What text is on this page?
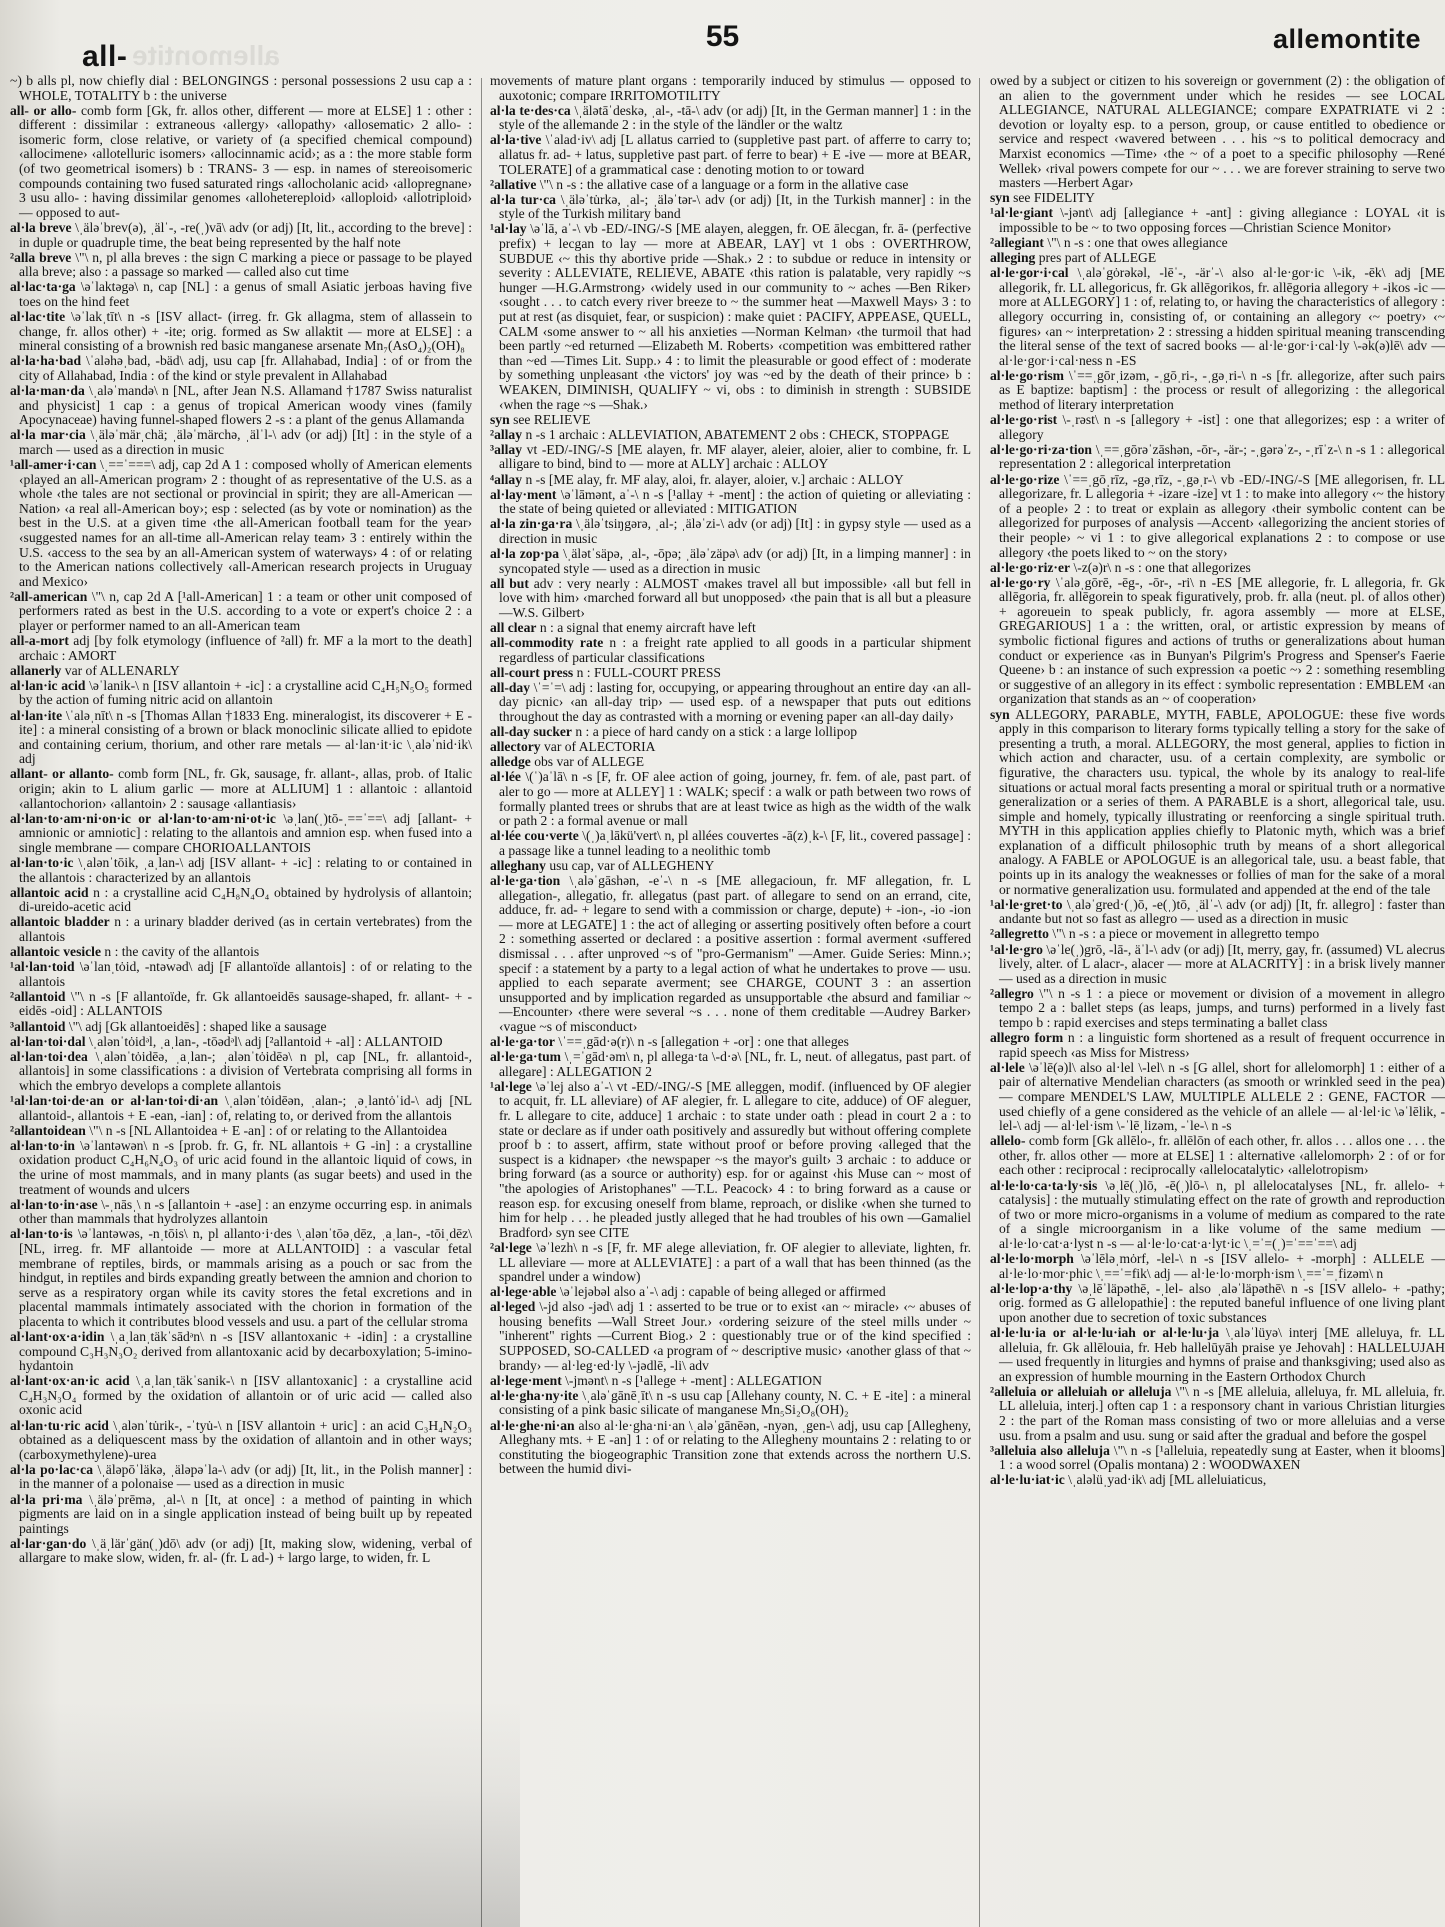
all- allemontite
55	allemontite

~) b alls pl, now chiefly dial : BELONGINGS : personal possessions 2 usu cap a : WHOLE, TOTALITY b : the universe

all- or allo- comb form [Gk, fr. allos other, different — more at ELSE] 1 : other : different : dissimilar : extraneous ‹allergy› ‹allopathy› ‹allosematic› 2 allo- : isomeric form, close relative, or variety of (a specified chemical compound) ‹allocimene› ‹allotelluric isomers› ‹allocinnamic acid›; as a : the more stable form (of two geometrical isomers) b : TRANS- 3 — esp. in names of stereoisomeric compounds containing two fused saturated rings ‹allocholanic acid› ‹allopregnane› 3 usu allo- : having dissimilar genomes ‹allohetereploid› ‹alloploid› ‹allotriploid› — opposed to aut-

al·la breve \ˌäləˈbrev(ə), ˌälˈ-, -re(ˌ)vā\ adv (or adj) [It, lit., according to the breve] : in duple or quadruple time, the beat being represented by the half note

²alla breve \"\ n, pl alla breves : the sign C marking a piece or passage to be played alla breve; also : a passage so marked — called also cut time

al·lac·ta·ga \əˈlaktəgə\ n, cap [NL] : a genus of small Asiatic jerboas having five toes on the hind feet

al·lac·tite \əˈlakˌtīt\ n -s [ISV allact- (irreg. fr. Gk allagma, stem of allassein to change, fr. allos other) + -ite; orig. formed as Sw allaktit — more at ELSE] : a mineral consisting of a brownish red basic manganese arsenate Mn₇(AsO₄)₂(OH)₈

al·la·ha·bad \ˈaləhəˌbad, -bäd\ adj, usu cap [fr. Allahabad, India] : of or from the city of Allahabad, India : of the kind or style prevalent in Allahabad

al·la·man·da \ˌaləˈmandə\ n [NL, after Jean N.S. Allamand †1787 Swiss naturalist and physicist] 1 cap : a genus of tropical American woody vines (family Apocynaceae) having funnel-shaped flowers 2 -s : a plant of the genus Allamanda

al·la mar·cia \ˌäləˈmärˌchä; ˌäləˈmärchə, ˌälˈl-\ adv (or adj) [It] : in the style of a march — used as a direction in music

¹all-amer·i·can \ˌ==ˈ===\ adj, cap 2d A 1 : composed wholly of American elements ‹played an all-American program› 2 : thought of as representative of the U.S. as a whole ‹the tales are not sectional or provincial in spirit; they are all-American —Nation› ‹a real all-American boy›; esp : selected (as by vote or nomination) as the best in the U.S. at a given time ‹the all-American football team for the year› ‹suggested names for an all-time all-American relay team› 3 : entirely within the U.S. ‹access to the sea by an all-American system of waterways› 4 : of or relating to the American nations collectively ‹all-American research projects in Uruguay and Mexico›

²all-american \"\ n, cap 2d A [¹all-American] 1 : a team or other unit composed of performers rated as best in the U.S. according to a vote or expert's choice 2 : a player or performer named to an all-American team

all-a-mort adj [by folk etymology (influence of ²all) fr. MF a la mort to the death] archaic : AMORT

allanerly var of ALLENARLY

al·lan·ic acid \əˈlanik-\ n [ISV allantoin + -ic] : a crystalline acid C₄H₅N₅O₅ formed by the action of fuming nitric acid on allantoin

al·lan·ite \ˈaləˌnīt\ n -s [Thomas Allan †1833 Eng. mineralogist, its discoverer + E -ite] : a mineral consisting of a brown or black monoclinic silicate allied to epidote and containing cerium, thorium, and other rare metals — al·lan·it·ic \ˌaləˈnid·ik\ adj

allant- or allanto- comb form [NL, fr. Gk, sausage, fr. allant-, allas, prob. of Italic origin; akin to L alium garlic — more at ALLIUM] 1 : allantoic : allantoid ‹allantochorion› ‹allantoin› 2 : sausage ‹allantiasis›

al·lan·to·am·ni·on·ic or al·lan·to·am·ni·ot·ic \əˌlan(ˌ)tō-ˌ==ˈ==\ adj [allant- + amnionic or amniotic] : relating to the allantois and amnion esp. when fused into a single membrane — compare CHORIOALLANTOIS

al·lan·to·ic \ˌalənˈtōik, ˌaˌlan-\ adj [ISV allant- + -ic] : relating to or contained in the allantois : characterized by an allantois

allantoic acid n : a crystalline acid C₄H₈N₄O₄ obtained by hydrolysis of allantoin; di-ureido-acetic acid

allantoic bladder n : a urinary bladder derived (as in certain vertebrates) from the allantois

allantoic vesicle n : the cavity of the allantois

¹al·lan·toid \əˈlanˌtȯid, -ntəwəd\ adj [F allantoïde allantois] : of or relating to the allantois

²allantoid \"\ n -s [F allantoïde, fr. Gk allantoeidēs sausage-shaped, fr. allant- + -eidēs -oid] : ALLANTOIS

³allantoid \"\ adj [Gk allantoeidēs] : shaped like a sausage

al·lan·toi·dal \ˌalənˈtȯidᵊl, ˌaˌlan-, -tōədᵊl\ adj [²allantoid + -al] : ALLANTOID

al·lan·toi·dea \ˌalənˈtȯidēə, ˌaˌlan-; ˌalənˈtȯidēə\ n pl, cap [NL, fr. allantoid-, allantois] in some classifications : a division of Vertebrata comprising all forms in which the embryo develops a complete allantois

¹al·lan·toi·de·an or al·lan·toi·di·an \ˌalənˈtȯidēən, ˌalan-; ˌəˌlantȯˈid-\ adj [NL allantoid-, allantois + E -ean, -ian] : of, relating to, or derived from the allantois

²allantoidean \"\ n -s [NL Allantoidea + E -an] : of or relating to the Allantoidea

al·lan·to·in \əˈlantəwən\ n -s [prob. fr. G, fr. NL allantois + G -in] : a crystalline oxidation product C₄H₆N₄O₃ of uric acid found in the allantoic liquid of cows, in the urine of most mammals, and in many plants (as sugar beets) and used in the treatment of wounds and ulcers

al·lan·to·in·ase \-ˌnāsˌ\ n -s [allantoin + -ase] : an enzyme occurring esp. in animals other than mammals that hydrolyzes allantoin

al·lan·to·is \əˈlantəwəs, -nˌtōis\ n, pl allanto·i·des \ˌalənˈtōəˌdēz, ˌaˌlan-, -tōiˌdēz\ [NL, irreg. fr. MF allantoide — more at ALLANTOID] : a vascular fetal membrane of reptiles, birds, or mammals arising as a pouch or sac from the hindgut, in reptiles and birds expanding greatly between the amnion and chorion to serve as a respiratory organ while its cavity stores the fetal excretions and in placental mammals intimately associated with the chorion in formation of the placenta to which it contributes blood vessels and usu. a part of the cellular stroma

al·lant·ox·a·idin \ˌaˌlanˌtäkˈsādᵊn\ n -s [ISV allantoxanic + -idin] : a crystalline compound C₃H₃N₃O₂ derived from allantoxanic acid by decarboxylation; 5-imino-hydantoin

al·lant·ox·an·ic acid \ˌaˌlanˌtäkˈsanik-\ n [ISV allantoxanic] : a crystalline acid C₄H₃N₃O₄ formed by the oxidation of allantoin or of uric acid — called also oxonic acid

al·lan·tu·ric acid \ˌalənˈtu̇rik-, -ˈtyu̇-\ n [ISV allantoin + uric] : an acid C₃H₄N₂O₃ obtained as a deliquescent mass by the oxidation of allantoin and in other ways; (carboxymethylene)-urea

al·la po·lac·ca \ˌäləpōˈläkə, ˌäləpəˈla-\ adv (or adj) [It, lit., in the Polish manner] : in the manner of a polonaise — used as a direction in music

al·la pri·ma \ˌäləˈprēmə, ˌal-\ n [It, at once] : a method of painting in which pigments are laid on in a single application instead of being built up by repeated paintings

al·lar·gan·do \ˌäˌlärˈgän(ˌ)dō\ adv (or adj) [It, making slow, widening, verbal of allargare to make slow, widen, fr. al- (fr. L ad-) + largo large, to widen, fr. L

movements of mature plant organs : temporarily induced by stimulus — opposed to auxotonic; compare IRRITOMOTILITY

al·la te·des·ca \ˌälətāˈdeskə, ˌal-, -tā-\ adv (or adj) [It, in the German manner] 1 : in the style of the allemande 2 : in the style of the ländler or the waltz

al·la·tive \ˈalad·iv\ adj [L allatus carried to (suppletive past part. of afferre to carry to; allatus fr. ad- + latus, suppletive past part. of ferre to bear) + E -ive — more at BEAR, TOLERATE] of a grammatical case : denoting motion to or toward

²allative \"\ n -s : the allative case of a language or a form in the allative case

al·la tur·ca \ˌäləˈtu̇rkə, ˌal-; ˌäləˈtər-\ adv (or adj) [It, in the Turkish manner] : in the style of the Turkish military band

¹al·lay \əˈlā, aˈ-\ vb -ED/-ING/-S [ME alayen, aleggen, fr. OE ālecgan, fr. ā- (perfective prefix) + lecgan to lay — more at ABEAR, LAY] vt 1 obs : OVERTHROW, SUBDUE ‹~ this thy abortive pride —Shak.› 2 : to subdue or reduce in intensity or severity : ALLEVIATE, RELIEVE, ABATE ‹this ration is palatable, very rapidly ~s hunger —H.G.Armstrong› ‹widely used in our community to ~ aches —Ben Riker› ‹sought . . . to catch every river breeze to ~ the summer heat —Maxwell Mays› 3 : to put at rest (as disquiet, fear, or suspicion) : make quiet : PACIFY, APPEASE, QUELL, CALM ‹some answer to ~ all his anxieties —Norman Kelman› ‹the turmoil that had been partly ~ed returned —Elizabeth M. Roberts› ‹competition was embittered rather than ~ed —Times Lit. Supp.› 4 : to limit the pleasurable or good effect of : moderate by something unpleasant ‹the victors' joy was ~ed by the death of their prince› b : WEAKEN, DIMINISH, QUALIFY ~ vi, obs : to diminish in strength : SUBSIDE ‹when the rage ~s —Shak.›

syn see RELIEVE

²allay n -s 1 archaic : ALLEVIATION, ABATEMENT 2 obs : CHECK, STOPPAGE

³allay vt -ED/-ING/-S [ME alayen, fr. MF alayer, aleier, aloier, alier to combine, fr. L alligare to bind, bind to — more at ALLY] archaic : ALLOY

⁴allay n -s [ME alay, fr. MF alay, aloi, fr. alayer, aloier, v.] archaic : ALLOY

al·lay·ment \əˈlāmənt, aˈ-\ n -s [¹allay + -ment] : the action of quieting or alleviating : the state of being quieted or alleviated : MITIGATION

al·la zin·ga·ra \ˌäləˈtsiŋgərə, ˌal-; ˌäləˈzi-\ adv (or adj) [It] : in gypsy style — used as a direction in music

al·la zop·pa \ˌälətˈsäpə, ˌal-, -ōpə; ˌäləˈzäpə\ adv (or adj) [It, in a limping manner] : in syncopated style — used as a direction in music

all but adv : very nearly : ALMOST ‹makes travel all but impossible› ‹all but fell in love with him› ‹marched forward all but unopposed› ‹the pain that is all but a pleasure —W.S. Gilbert›

all clear n : a signal that enemy aircraft have left

all-commodity rate n : a freight rate applied to all goods in a particular shipment regardless of particular classifications

all-court press n : FULL-COURT PRESS

all-day \ˈ=ˈ=\ adj : lasting for, occupying, or appearing throughout an entire day ‹an all-day picnic› ‹an all-day trip› — used esp. of a newspaper that puts out editions throughout the day as contrasted with a morning or evening paper ‹an all-day daily›

all-day sucker n : a piece of hard candy on a stick : a large lollipop

allectory var of ALECTORIA

alledge obs var of ALLEGE

al·lée \(ˈ)aˈlā\ n -s [F, fr. OF alee action of going, journey, fr. fem. of ale, past part. of aler to go — more at ALLEY] 1 : WALK; specif : a walk or path between two rows of formally planted trees or shrubs that are at least twice as high as the width of the walk or path 2 : a formal avenue or mall

al·lée cou·verte \(ˌ)aˌlākü'vert\ n, pl allées couvertes -ā(z)ˌk-\ [F, lit., covered passage] : a passage like a tunnel leading to a neolithic tomb

alleghany usu cap, var of ALLEGHENY

al·le·ga·tion \ˌaləˈgāshən, -eˈ-\ n -s [ME allegacioun, fr. MF allegation, fr. L allegation-, allegatio, fr. allegatus (past part. of allegare to send on an errand, cite, adduce, fr. ad- + legare to send with a commission or charge, depute) + -ion-, -io -ion — more at LEGATE] 1 : the act of alleging or asserting positively often before a court 2 : something asserted or declared : a positive assertion : formal averment ‹suffered dismissal . . . after unproved ~s of "pro-Germanism" —Amer. Guide Series: Minn.›; specif : a statement by a party to a legal action of what he undertakes to prove — usu. applied to each separate averment; see CHARGE, COUNT 3 : an assertion unsupported and by implication regarded as unsupportable ‹the absurd and familiar ~ —Encounter› ‹there were several ~s . . . none of them creditable —Audrey Barker› ‹vague ~s of misconduct›

al·le·ga·tor \ˈ==ˌgād·ə(r)\ n -s [allegation + -or] : one that alleges

al·le·ga·tum \ˌ=ˈgād·əm\ n, pl allega·ta \-d·ə\ [NL, fr. L, neut. of allegatus, past part. of allegare] : ALLEGATION 2

¹al·lege \əˈlej also aˈ-\ vt -ED/-ING/-S [ME alleggen, modif. (influenced by OF alegier to acquit, fr. LL alleviare) of AF alegier, fr. L allegare to cite, adduce) of OF aleguer, fr. L allegare to cite, adduce] 1 archaic : to state under oath : plead in court 2 a : to state or declare as if under oath positively and assuredly but without offering complete proof b : to assert, affirm, state without proof or before proving ‹alleged that the suspect is a kidnaper› ‹the newspaper ~s the mayor's guilt› 3 archaic : to adduce or bring forward (as a source or authority) esp. for or against ‹his Muse can ~ most of "the apologies of Aristophanes" —T.L. Peacock› 4 : to bring forward as a cause or reason esp. for excusing oneself from blame, reproach, or dislike ‹when she turned to him for help . . . he pleaded justly alleged that he had troubles of his own —Gamaliel Bradford› syn see CITE

²al·lege \əˈlezh\ n -s [F, fr. MF alege alleviation, fr. OF alegier to alleviate, lighten, fr. LL alleviare — more at ALLEVIATE] : a part of a wall that has been thinned (as the spandrel under a window)

al·lege·able \əˈlejəbəl also aˈ-\ adj : capable of being alleged or affirmed

al·leged \-jd also -jəd\ adj 1 : asserted to be true or to exist ‹an ~ miracle› ‹~ abuses of housing benefits —Wall Street Jour.› ‹ordering seizure of the steel mills under ~ "inherent" rights —Current Biog.› 2 : questionably true or of the kind specified : SUPPOSED, SO-CALLED ‹a program of ~ descriptive music› ‹another glass of that ~ brandy› — al·leg·ed·ly \-jədlē, -li\ adv

al·lege·ment \-jmənt\ n -s [¹allege + -ment] : ALLEGATION

al·le·gha·ny·ite \ˌaləˈgānēˌīt\ n -s usu cap [Allehany county, N. C. + E -ite] : a mineral consisting of a pink basic silicate of manganese Mn₅Si₂O₈(OH)₂

al·le·ghe·ni·an also al·le·gha·ni·an \ˌaləˈgānēən, -nyən, ˌgen-\ adj, usu cap [Allegheny, Alleghany mts. + E -an] 1 : of or relating to the Allegheny mountains 2 : relating to or constituting the biogeographic Transition zone that extends across the northern U.S. between the humid divi-

owed by a subject or citizen to his sovereign or government (2) : the obligation of an alien to the government under which he resides — see LOCAL ALLEGIANCE, NATURAL ALLEGIANCE; compare EXPATRIATE vi 2 : devotion or loyalty esp. to a person, group, or cause entitled to obedience or service and respect ‹wavered between . . . his ~s to political democracy and Marxist economics —Time› ‹the ~ of a poet to a specific philosophy —René Wellek› ‹rival powers compete for our ~ . . . we are forever straining to serve two masters —Herbert Agar›

syn see FIDELITY

¹al·le·giant \-jənt\ adj [allegiance + -ant] : giving allegiance : LOYAL ‹it is impossible to be ~ to two opposing forces —Christian Science Monitor›

²allegiant \"\ n -s : one that owes allegiance

alleging pres part of ALLEGE

al·le·gor·i·cal \ˌaləˈgȯrəkəl, -lēˈ-, -ärˈ-\ also al·le·gor·ic \-ik, -ēk\ adj [ME allegorik, fr. LL allegoricus, fr. Gk allēgorikos, fr. allēgoria allegory + -ikos -ic — more at ALLEGORY] 1 : of, relating to, or having the characteristics of allegory : allegory occurring in, consisting of, or containing an allegory ‹~ poetry› ‹~ figures› ‹an ~ interpretation› 2 : stressing a hidden spiritual meaning transcending the literal sense of the text of sacred books — al·le·gor·i·cal·ly \-ək(ə)lē\ adv — al·le·gor·i·cal·ness n -ES

al·le·go·rism \ˈ==ˌgōrˌizəm, -ˌgōˌri-, -ˌgəˌri-\ n -s [fr. allegorize, after such pairs as E baptize: baptism] : the process or result of allegorizing : the allegorical method of literary interpretation

al·le·go·rist \-ˌrəst\ n -s [allegory + -ist] : one that allegorizes; esp : a writer of allegory

al·le·go·ri·za·tion \ˌ==ˌgōrəˈzāshən, -ōr-, -är-; -ˌgərəˈz-, -ˌrīˈz-\ n -s 1 : allegorical representation 2 : allegorical interpretation

al·le·go·rize \ˈ==ˌgōˌrīz, -gəˌrīz, -ˌgəˌr-\ vb -ED/-ING/-S [ME allegorisen, fr. LL allegorizare, fr. L allegoria + -izare -ize] vt 1 : to make into allegory ‹~ the history of a people› 2 : to treat or explain as allegory ‹their symbolic content can be allegorized for purposes of analysis —Accent› ‹allegorizing the ancient stories of their people› ~ vi 1 : to give allegorical explanations 2 : to compose or use allegory ‹the poets liked to ~ on the story›

al·le·go·riz·er \-z(ə)r\ n -s : one that allegorizes

al·le·go·ry \ˈaləˌgōrē, -ēg-, -ōr-, -ri\ n -ES [ME allegorie, fr. L allegoria, fr. Gk allēgoria, fr. allēgorein to speak figuratively, prob. fr. alla (neut. pl. of allos other) + agoreuein to speak publicly, fr. agora assembly — more at ELSE, GREGARIOUS] 1 a : the written, oral, or artistic expression by means of symbolic fictional figures and actions of truths or generalizations about human conduct or experience ‹as in Bunyan's Pilgrim's Progress and Spenser's Faerie Queene› b : an instance of such expression ‹a poetic ~› 2 : something resembling or suggestive of an allegory in its effect : symbolic representation : EMBLEM ‹an organization that stands as an ~ of cooperation›

syn ALLEGORY, PARABLE, MYTH, FABLE, APOLOGUE: these five words apply in this comparison to literary forms typically telling a story for the sake of presenting a truth, a moral. ALLEGORY, the most general, applies to fiction in which action and character, usu. of a certain complexity, are symbolic or figurative, the characters usu. typical, the whole by its analogy to real-life situations or actual moral facts presenting a moral or spiritual truth or a normative generalization or a series of them. A PARABLE is a short, allegorical tale, usu. simple and homely, typically illustrating or reenforcing a single spiritual truth. MYTH in this application applies chiefly to Platonic myth, which was a brief explanation of a difficult philosophic truth by means of a short allegorical analogy. A FABLE or APOLOGUE is an allegorical tale, usu. a beast fable, that points up in its analogy the weaknesses or follies of man for the sake of a moral or normative generalization usu. formulated and appended at the end of the tale

¹al·le·gret·to \ˌaləˈgred·(ˌ)ō, -e(ˌ)tō, ˌälˈ-\ adv (or adj) [It, fr. allegro] : faster than andante but not so fast as allegro — used as a direction in music

²allegretto \"\ n -s : a piece or movement in allegretto tempo

¹al·le·gro \əˈle(ˌ)grō, -lā-, äˈl-\ adv (or adj) [It, merry, gay, fr. (assumed) VL alecrus lively, alter. of L alacr-, alacer — more at ALACRITY] : in a brisk lively manner — used as a direction in music

²allegro \"\ n -s 1 : a piece or movement or division of a movement in allegro tempo 2 a : ballet steps (as leaps, jumps, and turns) performed in a lively fast tempo b : rapid exercises and steps terminating a ballet class

allegro form n : a linguistic form shortened as a result of frequent occurrence in rapid speech ‹as Miss for Mistress›

al·lele \əˈlē(ə)l\ also al·lel \-lel\ n -s [G allel, short for allelomorph] 1 : either of a pair of alternative Mendelian characters (as smooth or wrinkled seed in the pea) — compare MENDEL'S LAW, MULTIPLE ALLELE 2 : GENE, FACTOR — used chiefly of a gene considered as the vehicle of an allele — al·lel·ic \əˈlēlik, -lel-\ adj — al·lel·ism \-ˈlēˌlizəm, -ˈle-\ n -s

allelo- comb form [Gk allēlo-, fr. allēlōn of each other, fr. allos . . . allos one . . . the other, fr. allos other — more at ELSE] 1 : alternative ‹allelomorph› 2 : of or for each other : reciprocal : reciprocally ‹allelocatalytic› ‹allelotropism›

al·le·lo·ca·ta·ly·sis \əˌlē(ˌ)lō, -ē(ˌ)lō-\ n, pl allelocatalyses [NL, fr. allelo- + catalysis] : the mutually stimulating effect on the rate of growth and reproduction of two or more micro-organisms in a volume of medium as compared to the rate of a single microorganism in a like volume of the same medium — al·le·lo·cat·a·lyst n -s — al·le·lo·cat·a·lyt·ic \ˌ=ˈ=(ˌ)=ˈ==ˈ==\ adj

al·le·lo·morph \əˈlēləˌmȯrf, -lel-\ n -s [ISV allelo- + -morph] : ALLELE — al·le·lo·mor·phic \ˌ==ˈ=fik\ adj — al·le·lo·morph·ism \ˌ==ˈ=ˌfizəm\ n

al·le·lop·a·thy \əˌlēˈläpəthē, -ˌlel- also ˌaləˈläpəthē\ n -s [ISV allelo- + -pathy; orig. formed as G allelopathie] : the reputed baneful influence of one living plant upon another due to secretion of toxic substances

al·le·lu·ia or al·le·lu·iah or al·le·lu·ja \ˌaləˈlüyə\ interj [ME alleluya, fr. LL alleluia, fr. Gk allēlouia, fr. Heb hallelūyāh praise ye Jehovah] : HALLELUJAH — used frequently in liturgies and hymns of praise and thanksgiving; used also as an expression of humble mourning in the Eastern Orthodox Church

²alleluia or alleluiah or alleluja \"\ n -s [ME alleluia, alleluya, fr. ML alleluia, fr. LL alleluia, interj.] often cap 1 : a responsory chant in various Christian liturgies 2 : the part of the Roman mass consisting of two or more alleluias and a verse usu. from a psalm and usu. sung or said after the gradual and before the gospel

³alleluia also alleluja \"\ n -s [¹alleluia, repeatedly sung at Easter, when it blooms] 1 : a wood sorrel (Opalis montana) 2 : WOODWAXEN

al·le·lu·iat·ic \ˌaləlüˌyad·ik\ adj [ML alleluiaticus,
